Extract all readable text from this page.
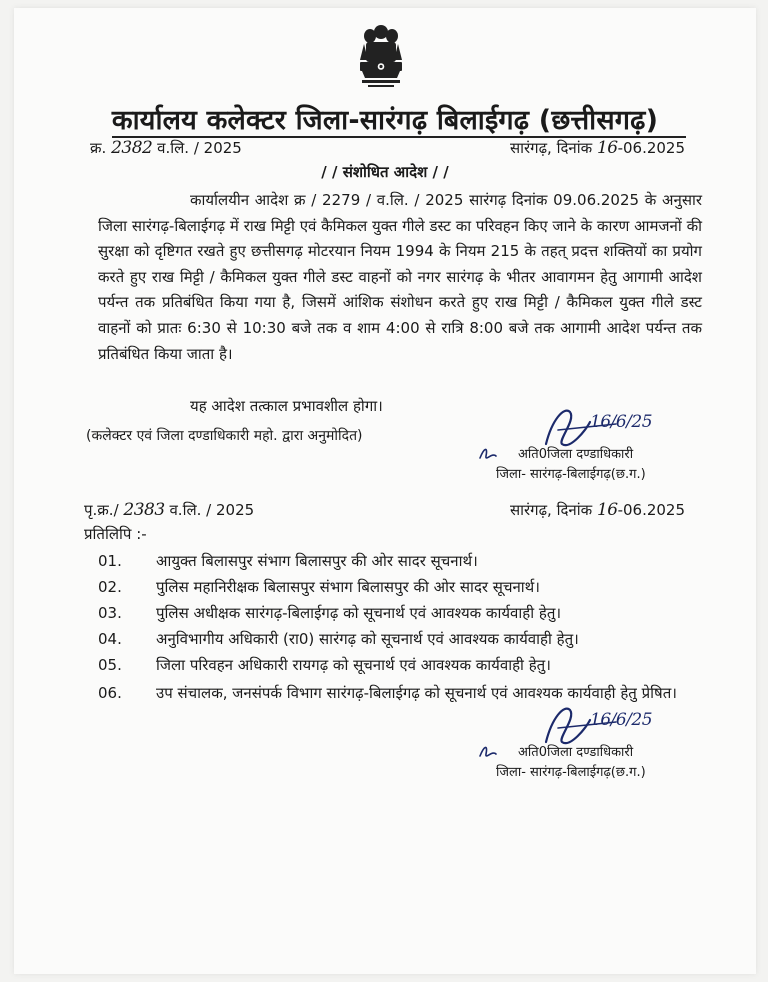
कार्यालय कलेक्टर जिला-सारंगढ़ बिलाईगढ़ (छत्तीसगढ़)
क्र. 2382 व.लि. / 2025	सारंगढ़, दिनांक 16-06.2025
/ / संशोधित आदेश / /
कार्यालयीन आदेश क्र / 2279 / व.लि. / 2025 सारंगढ़ दिनांक 09.06.2025 के अनुसार जिला सारंगढ़-बिलाईगढ़ में राख मिट्टी एवं कैमिकल युक्त गीले डस्ट का परिवहन किए जाने के कारण आमजनों की सुरक्षा को दृष्टिगत रखते हुए छत्तीसगढ़ मोटरयान नियम 1994 के नियम 215 के तहत् प्रदत्त शक्तियों का प्रयोग करते हुए राख मिट्टी / कैमिकल युक्त गीले डस्ट वाहनों को नगर सारंगढ़ के भीतर आवागमन हेतु आगामी आदेश पर्यन्त तक प्रतिबंधित किया गया है, जिसमें आंशिक संशोधन करते हुए राख मिट्टी / कैमिकल युक्त गीले डस्ट वाहनों को प्रातः 6:30 से 10:30 बजे तक व शाम 4:00 से रात्रि 8:00 बजे तक आगामी आदेश पर्यन्त तक प्रतिबंधित किया जाता है।
यह आदेश तत्काल प्रभावशील होगा।
(कलेक्टर एवं जिला दण्डाधिकारी महो. द्वारा अनुमोदित)
16/6/25
अति0जिला दण्डाधिकारी
जिला- सारंगढ़-बिलाईगढ़(छ.ग.)
पृ.क्र./ 2383 व.लि. / 2025	सारंगढ़, दिनांक 16-06.2025
प्रतिलिपि :-
01. आयुक्त बिलासपुर संभाग बिलासपुर की ओर सादर सूचनार्थ।
02. पुलिस महानिरीक्षक बिलासपुर संभाग बिलासपुर की ओर सादर सूचनार्थ।
03. पुलिस अधीक्षक सारंगढ़-बिलाईगढ़ को सूचनार्थ एवं आवश्यक कार्यवाही हेतु।
04. अनुविभागीय अधिकारी (रा0) सारंगढ़ को सूचनार्थ एवं आवश्यक कार्यवाही हेतु।
05. जिला परिवहन अधिकारी रायगढ़ को सूचनार्थ एवं आवश्यक कार्यवाही हेतु।
06. उप संचालक, जनसंपर्क विभाग सारंगढ़-बिलाईगढ़ को सूचनार्थ एवं आवश्यक कार्यवाही हेतु प्रेषित।
16/6/25
अति0जिला दण्डाधिकारी
जिला- सारंगढ़-बिलाईगढ़(छ.ग.)
